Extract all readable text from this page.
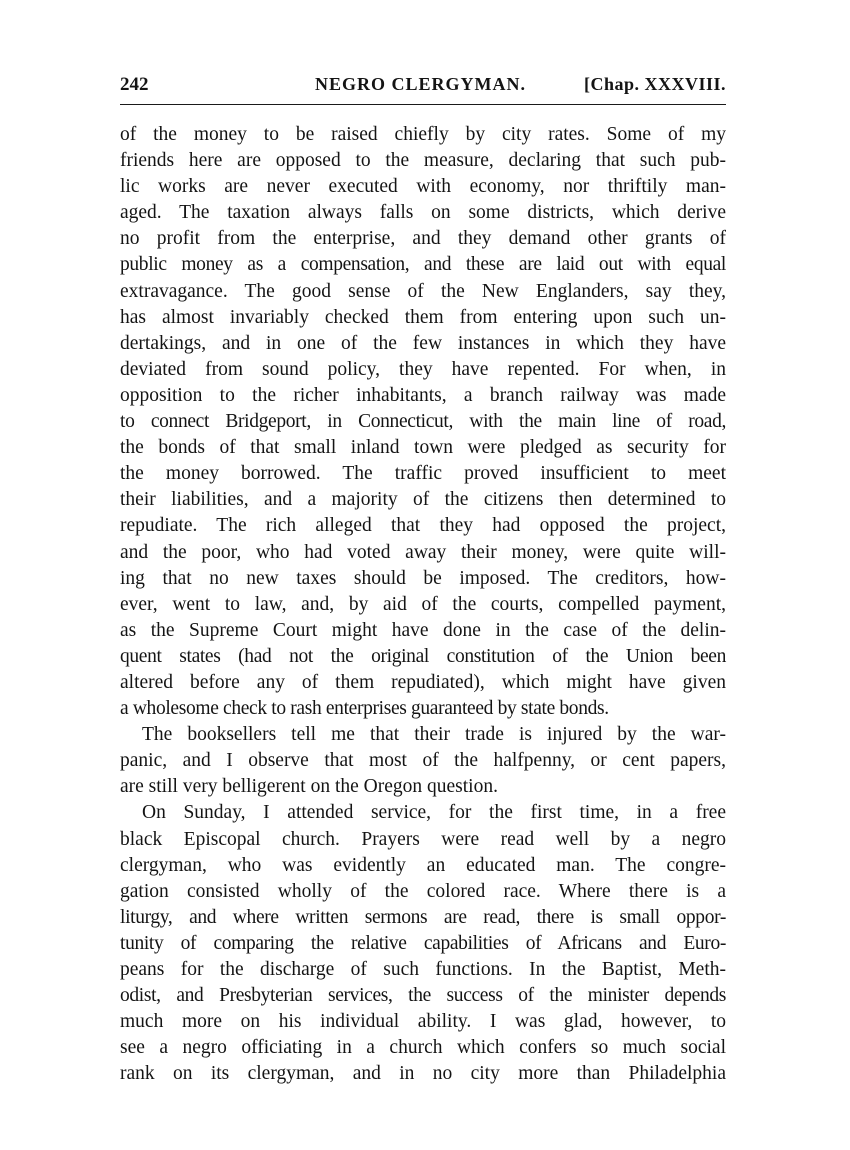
242	NEGRO CLERGYMAN.	[Chap. XXXVIII.
of the money to be raised chiefly by city rates. Some of my
friends here are opposed to the measure, declaring that such pub-
lic works are never executed with economy, nor thriftily man-
aged. The taxation always falls on some districts, which derive
no profit from the enterprise, and they demand other grants of
public money as a compensation, and these are laid out with equal
extravagance. The good sense of the New Englanders, say they,
has almost invariably checked them from entering upon such un-
dertakings, and in one of the few instances in which they have
deviated from sound policy, they have repented. For when, in
opposition to the richer inhabitants, a branch railway was made
to connect Bridgeport, in Connecticut, with the main line of road,
the bonds of that small inland town were pledged as security for
the money borrowed. The traffic proved insufficient to meet
their liabilities, and a majority of the citizens then determined to
repudiate. The rich alleged that they had opposed the project,
and the poor, who had voted away their money, were quite will-
ing that no new taxes should be imposed. The creditors, how-
ever, went to law, and, by aid of the courts, compelled payment,
as the Supreme Court might have done in the case of the delin-
quent states (had not the original constitution of the Union been
altered before any of them repudiated), which might have given
a wholesome check to rash enterprises guaranteed by state bonds.
The booksellers tell me that their trade is injured by the war-
panic, and I observe that most of the halfpenny, or cent papers,
are still very belligerent on the Oregon question.
On Sunday, I attended service, for the first time, in a free
black Episcopal church. Prayers were read well by a negro
clergyman, who was evidently an educated man. The congre-
gation consisted wholly of the colored race. Where there is a
liturgy, and where written sermons are read, there is small oppor-
tunity of comparing the relative capabilities of Africans and Euro-
peans for the discharge of such functions. In the Baptist, Meth-
odist, and Presbyterian services, the success of the minister depends
much more on his individual ability. I was glad, however, to
see a negro officiating in a church which confers so much social
rank on its clergyman, and in no city more than Philadelphia
